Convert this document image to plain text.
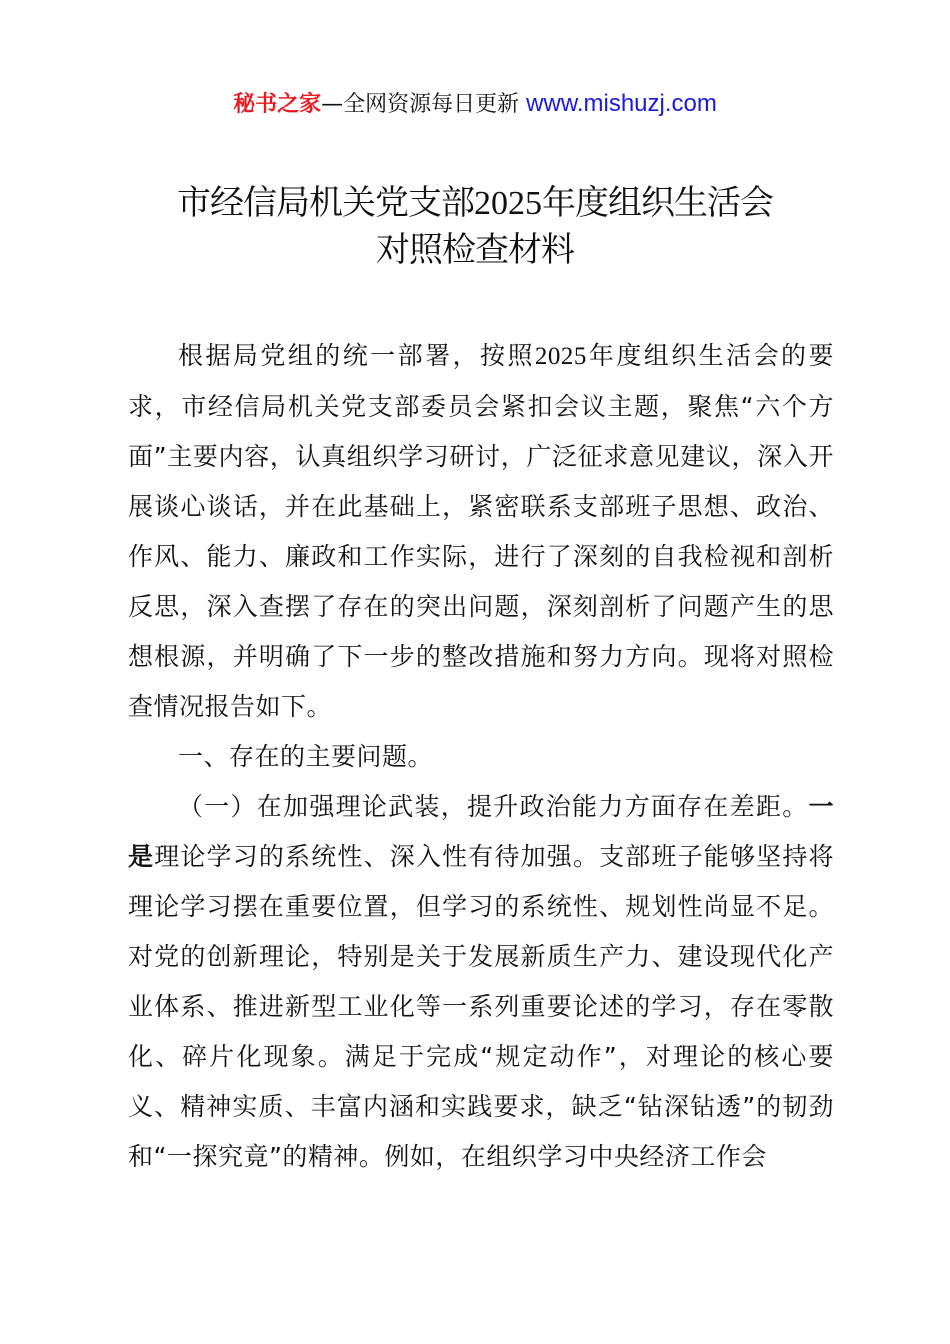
秘书之家—全网资源每日更新 www.mishuzj.com
市经信局机关党支部2025年度组织生活会
对照检查材料

根据局党组的统一部署，按照2025年度组织生活会的要求，市经信局机关党支部委员会紧扣会议主题，聚焦“六个方面”主要内容，认真组织学习研讨，广泛征求意见建议，深入开展谈心谈话，并在此基础上，紧密联系支部班子思想、政治、作风、能力、廉政和工作实际，进行了深刻的自我检视和剖析反思，深入查摆了存在的突出问题，深刻剖析了问题产生的思想根源，并明确了下一步的整改措施和努力方向。现将对照检查情况报告如下。

一、存在的主要问题。

（一）在加强理论武装，提升政治能力方面存在差距。一是理论学习的系统性、深入性有待加强。支部班子能够坚持将理论学习摆在重要位置，但学习的系统性、规划性尚显不足。对党的创新理论，特别是关于发展新质生产力、建设现代化产业体系、推进新型工业化等一系列重要论述的学习，存在零散化、碎片化现象。满足于完成“规定动作”，对理论的核心要义、精神实质、丰富内涵和实践要求，缺乏“钻深钻透”的韧劲和“一探究竟”的精神。例如，在组织学习中央经济工作会
